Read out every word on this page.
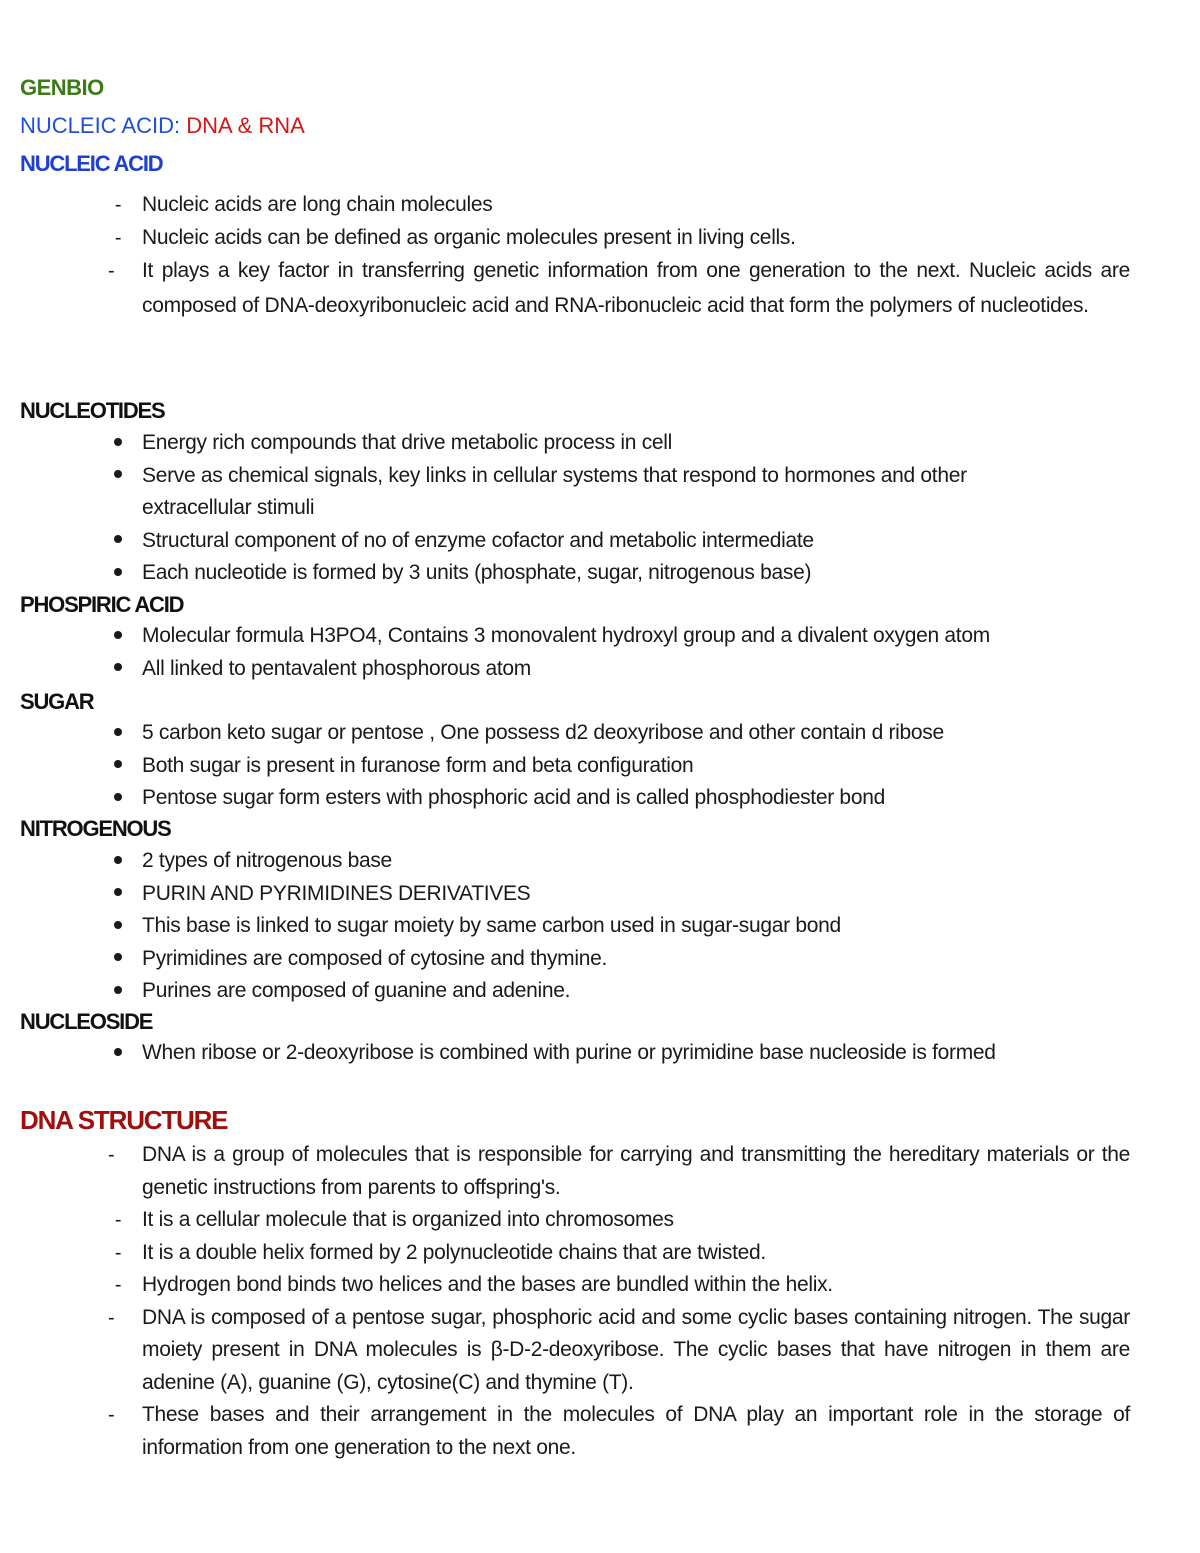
GENBIO
NUCLEIC ACID: DNA & RNA
NUCLEIC ACID
-
Nucleic acids are long chain molecules
-
Nucleic acids can be defined as organic molecules present in living cells.
-
It plays a key factor in transferring genetic information from one generation to the next. Nucleic acids are composed of DNA-deoxyribonucleic acid and RNA-ribonucleic acid that form the polymers of nucleotides.
NUCLEOTIDES
Energy rich compounds that drive metabolic process in cell
Serve as chemical signals, key links in cellular systems that respond to hormones and other extracellular stimuli
Structural component of no of enzyme cofactor and metabolic intermediate
Each nucleotide is formed by 3 units (phosphate, sugar, nitrogenous base)
PHOSPIRIC ACID
Molecular formula H3PO4, Contains 3 monovalent hydroxyl group and a divalent oxygen atom
All linked to pentavalent phosphorous atom
SUGAR
5 carbon keto sugar or pentose , One possess d2 deoxyribose and other contain d ribose
Both sugar is present in furanose form and beta configuration
Pentose sugar form esters with phosphoric acid and is called phosphodiester bond
NITROGENOUS
2 types of nitrogenous base
PURIN AND PYRIMIDINES DERIVATIVES
This base is linked to sugar moiety by same carbon used in sugar-sugar bond
Pyrimidines are composed of cytosine and thymine.
Purines are composed of guanine and adenine.
NUCLEOSIDE
When ribose or 2-deoxyribose is combined with purine or pyrimidine base nucleoside is formed
DNA STRUCTURE
-
DNA is a group of molecules that is responsible for carrying and transmitting the hereditary materials or the genetic instructions from parents to offspring's.
-
It is a cellular molecule that is organized into chromosomes
-
It is a double helix formed by 2 polynucleotide chains that are twisted.
-
Hydrogen bond binds two helices and the bases are bundled within the helix.
-
DNA is composed of a pentose sugar, phosphoric acid and some cyclic bases containing nitrogen. The sugar moiety present in DNA molecules is β-D-2-deoxyribose. The cyclic bases that have nitrogen in them are adenine (A), guanine (G), cytosine(C) and thymine (T).
-
These bases and their arrangement in the molecules of DNA play an important role in the storage of information from one generation to the next one.
